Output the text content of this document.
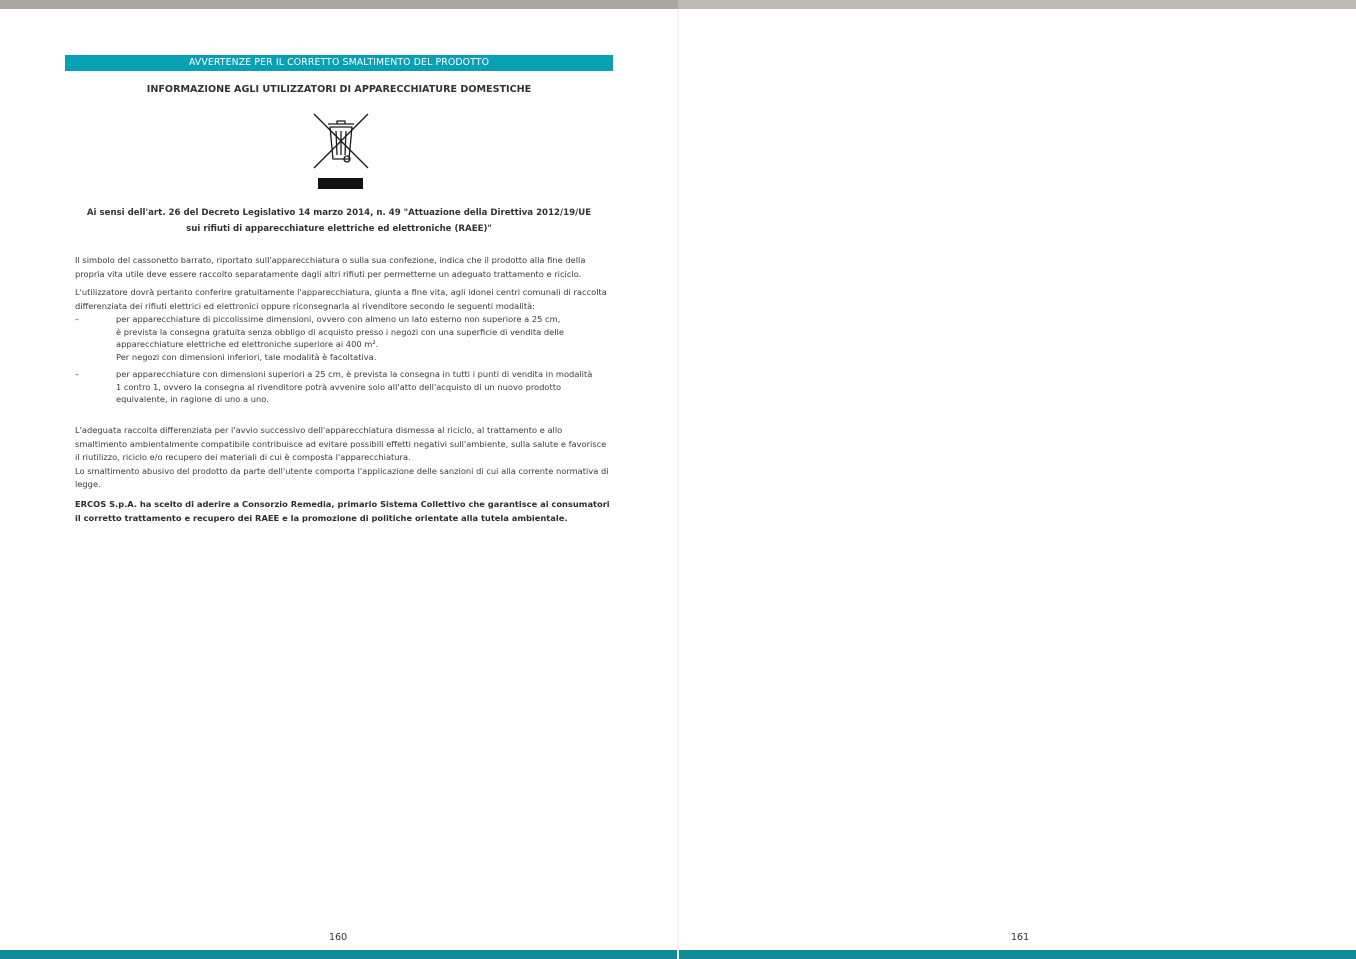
AVVERTENZE PER IL CORRETTO SMALTIMENTO DEL PRODOTTO
INFORMAZIONE AGLI UTILIZZATORI DI APPARECCHIATURE DOMESTICHE
Ai sensi dell'art. 26 del Decreto Legislativo 14 marzo 2014, n. 49 "Attuazione della Direttiva 2012/19/UE
sui rifiuti di apparecchiature elettriche ed elettroniche (RAEE)"
Il simbolo del cassonetto barrato, riportato sull'apparecchiatura o sulla sua confezione, indica che il prodotto alla fine della propria vita utile deve essere raccolto separatamente dagli altri rifiuti per permetterne un adeguato trattamento e riciclo.
L'utilizzatore dovrà pertanto conferire gratuitamente l'apparecchiatura, giunta a fine vita, agli idonei centri comunali di raccolta differenziata dei rifiuti elettrici ed elettronici oppure riconsegnarla al rivenditore secondo le seguenti modalità:
–	per apparecchiature di piccolissime dimensioni, ovvero con almeno un lato esterno non superiore a 25 cm,
è prevista la consegna gratuita senza obbligo di acquisto presso i negozi con una superficie di vendita delle apparecchiature elettriche ed elettroniche superiore ai 400 m².
Per negozi con dimensioni inferiori, tale modalità è facoltativa.
–	per apparecchiature con dimensioni superiori a 25 cm, è prevista la consegna in tutti i punti di vendita in modalità
1 contro 1, ovvero la consegna al rivenditore potrà avvenire solo all'atto dell'acquisto di un nuovo prodotto equivalente, in ragione di uno a uno.
L'adeguata raccolta differenziata per l'avvio successivo dell'apparecchiatura dismessa al riciclo, al trattamento e allo smaltimento ambientalmente compatibile contribuisce ad evitare possibili effetti negativi sull'ambiente, sulla salute e favorisce il riutilizzo, riciclo e/o recupero dei materiali di cui è composta l'apparecchiatura.
Lo smaltimento abusivo del prodotto da parte dell'utente comporta l'applicazione delle sanzioni di cui alla corrente normativa di legge.
ERCOS S.p.A. ha scelto di aderire a Consorzio Remedia, primario Sistema Collettivo che garantisce ai consumatori il corretto trattamento e recupero dei RAEE e la promozione di politiche orientate alla tutela ambientale.
160	161
